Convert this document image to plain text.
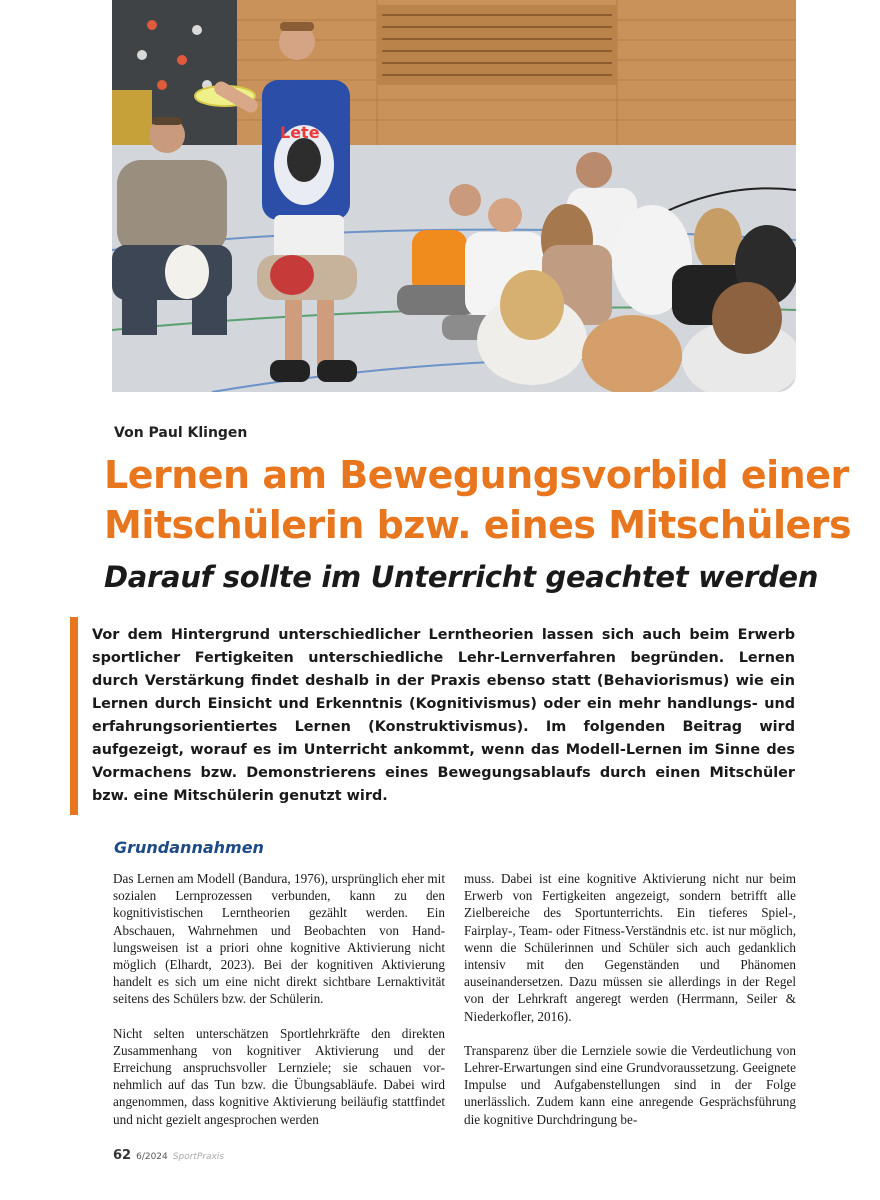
Lete
Von Paul Klingen
Lernen am Bewegungsvorbild einer
Mitschülerin bzw. eines Mitschülers
Darauf sollte im Unterricht geachtet werden

Vor dem Hintergrund unterschiedlicher Lerntheorien lassen sich auch beim Erwerb sportlicher Fertigkeiten unterschiedliche Lehr-Lernverfahren begründen. Lernen durch Verstärkung findet deshalb in der Praxis ebenso statt (Behaviorismus) wie ein Lernen durch Einsicht und Erkenntnis (Kognitivismus) oder ein mehr handlungs- und erfahrungsorientiertes Lernen (Konstruktivismus). Im folgenden Beitrag wird aufgezeigt, worauf es im Unterricht ankommt, wenn das Modell-Lernen im Sinne des Vormachens bzw. Demonstrierens eines Bewegungsablaufs durch einen Mitschüler bzw. eine Mitschülerin genutzt wird.

Grundannahmen

Das Lernen am Modell (Bandura, 1976), ursprünglich eher mit sozialen Lernprozessen verbunden, kann zu den kognitivistischen Lerntheorien gezählt werden. Ein Abschauen, Wahrnehmen und Beobachten von Handlungsweisen ist a priori ohne kognitive Aktivierung nicht möglich (Elhardt, 2023). Bei der kognitiven Aktivierung handelt es sich um eine nicht direkt sichtbare Lernaktivität seitens des Schülers bzw. der Schülerin.

Nicht selten unterschätzen Sportlehrkräfte den direkten Zusammenhang von kognitiver Aktivierung und der Erreichung anspruchsvoller Lernziele; sie schauen vornehmlich auf das Tun bzw. die Übungsabläufe. Dabei wird angenommen, dass kognitive Aktivierung beiläufig stattfindet und nicht gezielt angesprochen werden

muss. Dabei ist eine kognitive Aktivierung nicht nur beim Erwerb von Fertigkeiten angezeigt, sondern betrifft alle Zielbereiche des Sportunterrichts. Ein tieferes Spiel-, Fairplay-, Team- oder Fitness-Verständnis etc. ist nur möglich, wenn die Schülerinnen und Schüler sich auch gedanklich intensiv mit den Gegenständen und Phänomen auseinandersetzen. Dazu müssen sie allerdings in der Regel von der Lehrkraft angeregt werden (Herrmann, Seiler & Niederkofler, 2016).

Transparenz über die Lernziele sowie die Verdeutlichung von Lehrer-Erwartungen sind eine Grundvoraussetzung. Geeignete Impulse und Aufgabenstellungen sind in der Folge unerlässlich. Zudem kann eine anregende Gesprächsführung die kognitive Durchdringung be-

62 6/2024 SportPraxis
